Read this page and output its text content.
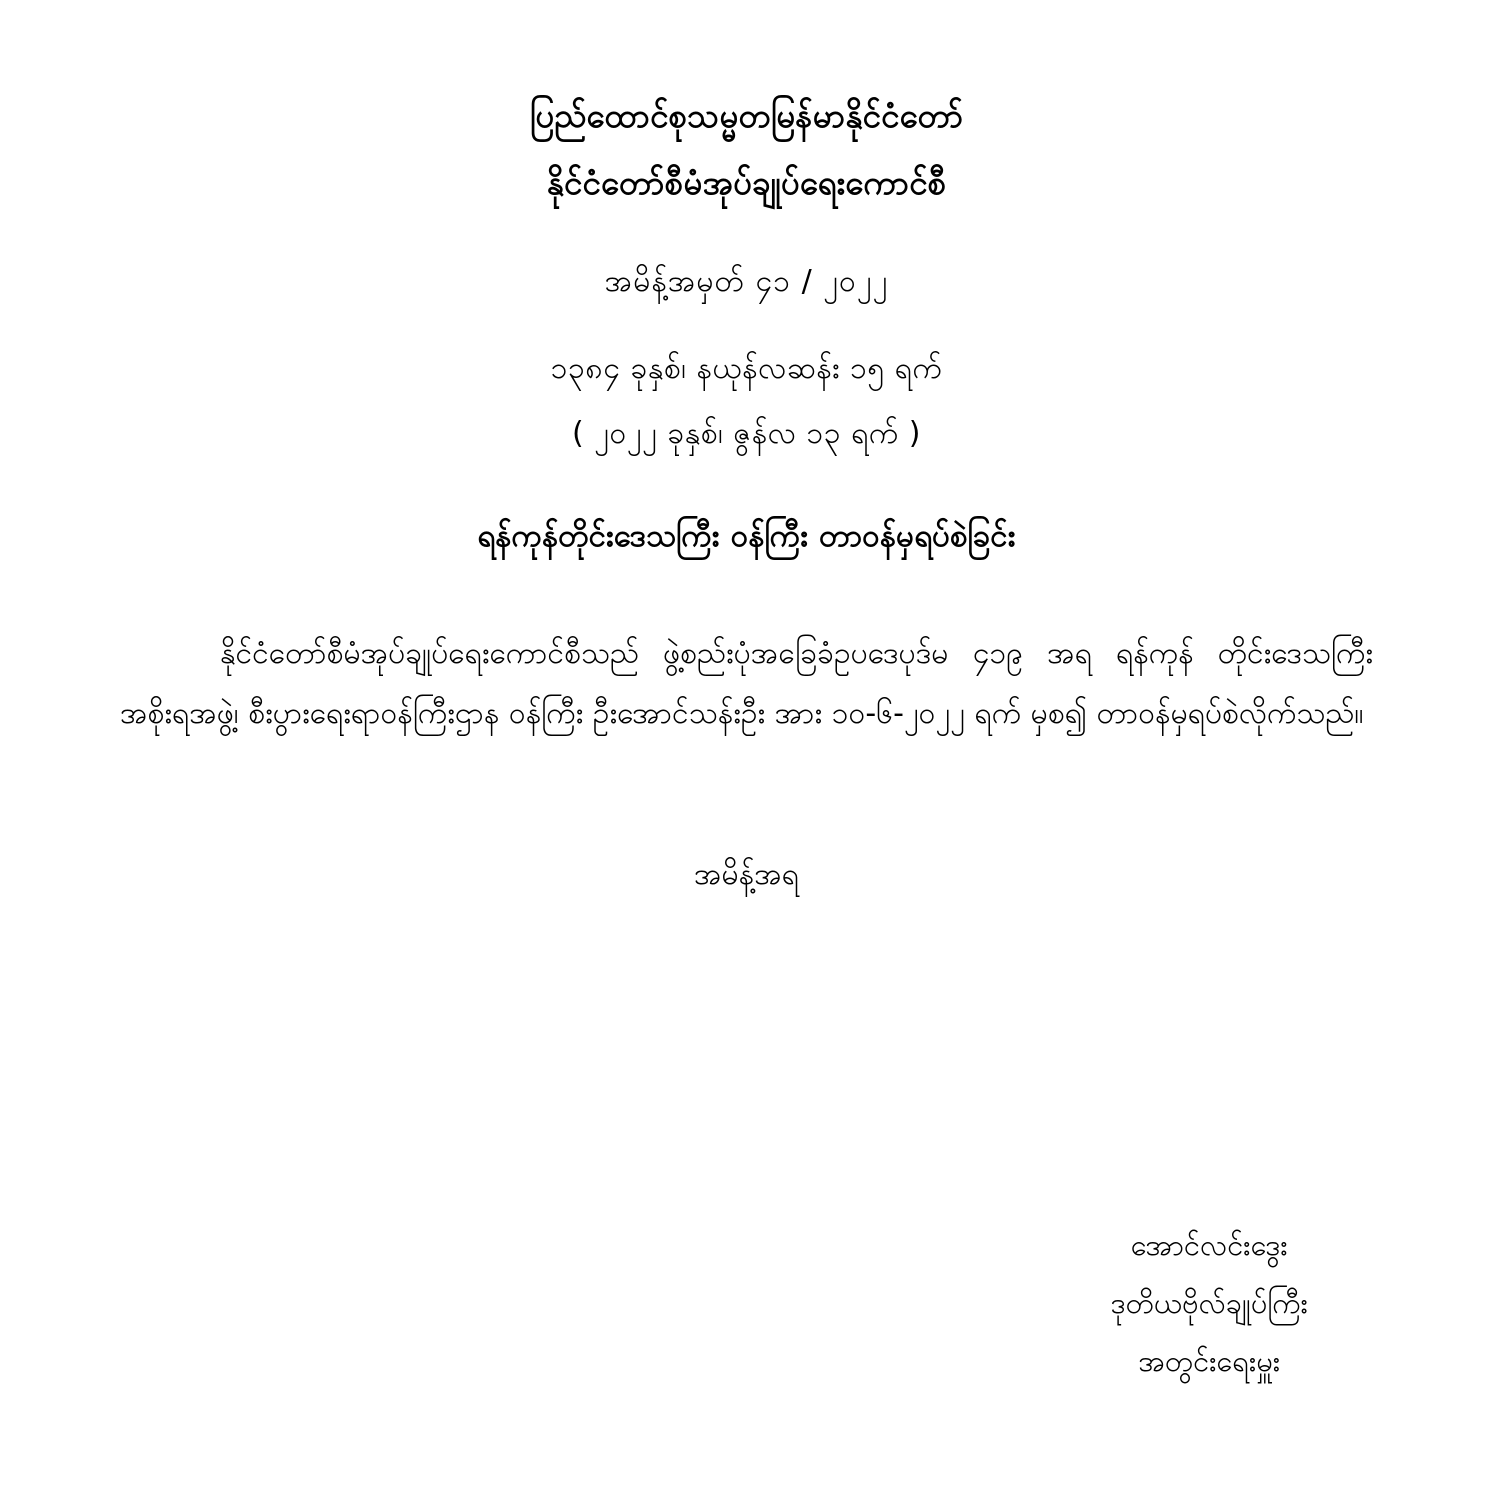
ပြည်ထောင်စုသမ္မတမြန်မာနိုင်ငံတော်
နိုင်ငံတော်စီမံအုပ်ချုပ်ရေးကောင်စီ
အမိန့်အမှတ် ၄၁ / ၂၀၂၂
၁၃၈၄ ခုနှစ်၊ နယုန်လဆန်း ၁၅ ရက်
( ၂၀၂၂ ခုနှစ်၊ ဇွန်လ ၁၃ ရက် )
ရန်ကုန်တိုင်းဒေသကြီး ဝန်ကြီး တာဝန်မှရပ်စဲခြင်း
နိုင်ငံတော်စီမံအုပ်ချုပ်ရေးကောင်စီသည် ဖွဲ့စည်းပုံအခြေခံဥပဒေပုဒ်မ ၄၁၉ အရ ရန်ကုန် တိုင်းဒေသကြီးအစိုးရအဖွဲ့၊ စီးပွားရေးရာဝန်ကြီးဌာန ဝန်ကြီး ဦးအောင်သန်းဦး အား ၁၀-၆-၂၀၂၂ ရက် မှစ၍ တာဝန်မှရပ်စဲလိုက်သည်။
အမိန့်အရ
အောင်လင်းဒွေး
ဒုတိယဗိုလ်ချုပ်ကြီး
အတွင်းရေးမှူး
